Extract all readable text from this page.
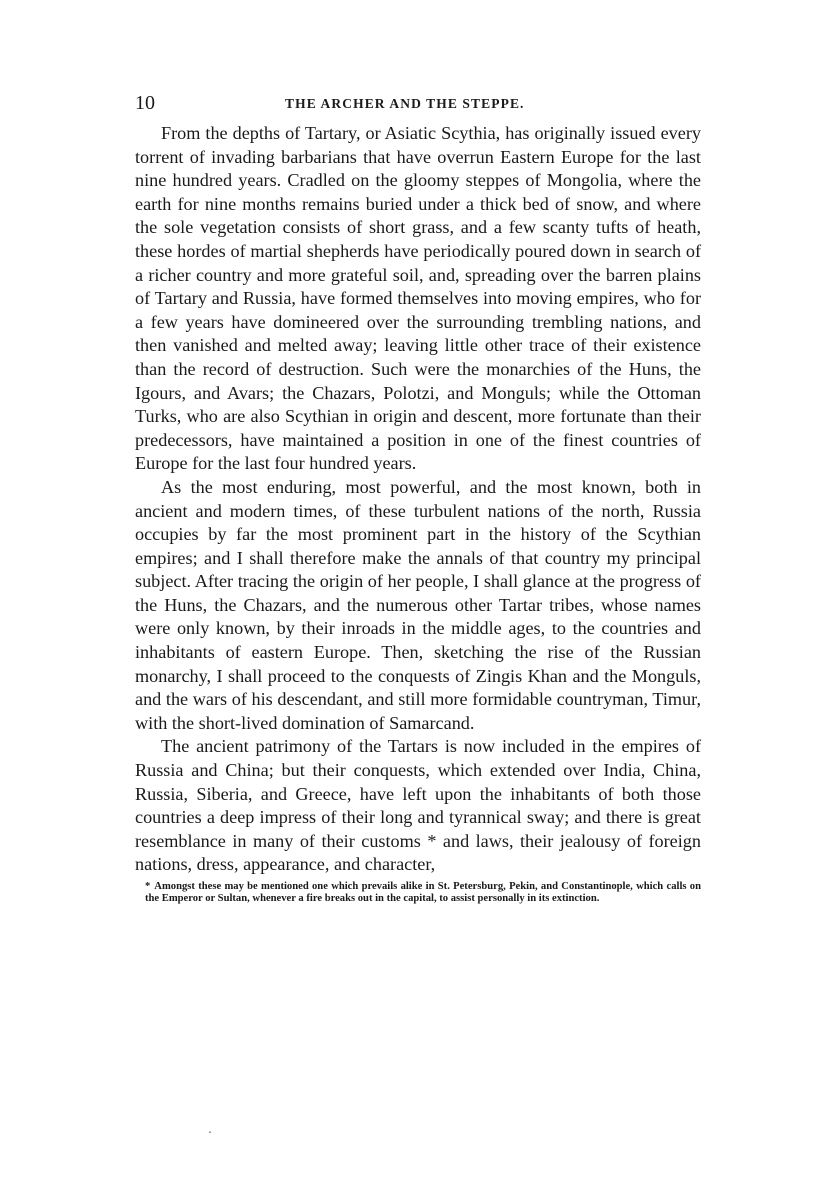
10	THE ARCHER AND THE STEPPE.

From the depths of Tartary, or Asiatic Scythia, has originally issued every torrent of invading barbarians that have overrun Eastern Europe for the last nine hundred years. Cradled on the gloomy steppes of Mongolia, where the earth for nine months remains buried under a thick bed of snow, and where the sole vegetation consists of short grass, and a few scanty tufts of heath, these hordes of martial shepherds have periodically poured down in search of a richer country and more grateful soil, and, spreading over the barren plains of Tartary and Russia, have formed themselves into moving empires, who for a few years have domineered over the surrounding trembling nations, and then vanished and melted away; leaving little other trace of their existence than the record of destruction. Such were the monarchies of the Huns, the Igours, and Avars; the Chazars, Polotzi, and Monguls; while the Ottoman Turks, who are also Scythian in origin and descent, more fortunate than their predecessors, have maintained a position in one of the finest countries of Europe for the last four hundred years.

As the most enduring, most powerful, and the most known, both in ancient and modern times, of these turbulent nations of the north, Russia occupies by far the most prominent part in the history of the Scythian empires; and I shall therefore make the annals of that country my principal subject. After tracing the origin of her people, I shall glance at the progress of the Huns, the Chazars, and the numerous other Tartar tribes, whose names were only known, by their inroads in the middle ages, to the countries and inhabitants of eastern Europe. Then, sketching the rise of the Russian monarchy, I shall proceed to the conquests of Zingis Khan and the Monguls, and the wars of his descendant, and still more formidable countryman, Timur, with the short-lived domination of Samarcand.

The ancient patrimony of the Tartars is now included in the empires of Russia and China; but their conquests, which extended over India, China, Russia, Siberia, and Greece, have left upon the inhabitants of both those countries a deep impress of their long and tyrannical sway; and there is great resemblance in many of their customs * and laws, their jealousy of foreign nations, dress, appearance, and character,

* Amongst these may be mentioned one which prevails alike in St. Petersburg, Pekin, and Constantinople, which calls on the Emperor or Sultan, whenever a fire breaks out in the capital, to assist personally in its extinction.
․
